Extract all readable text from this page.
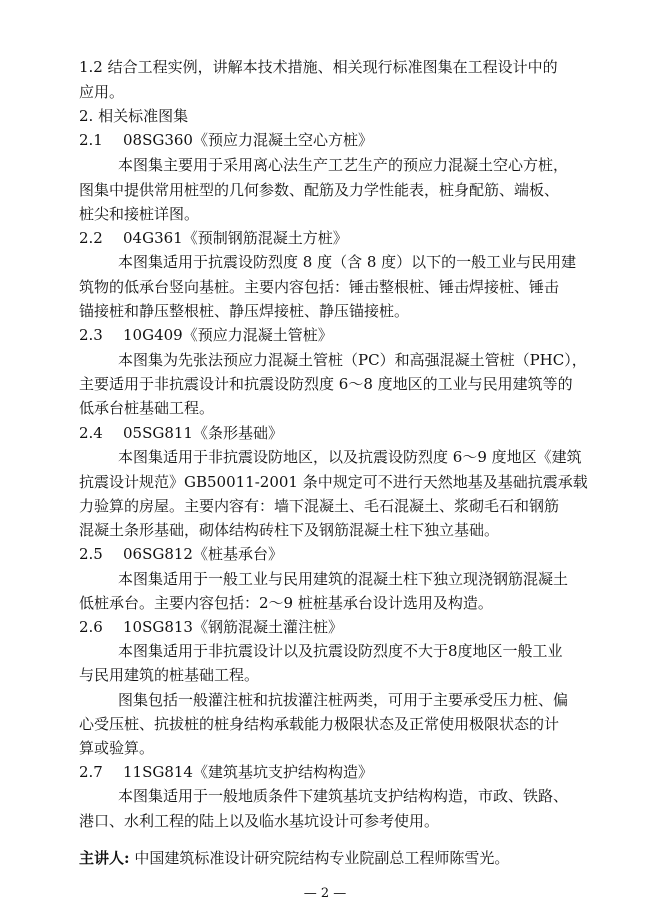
1.2 结合工程实例，讲解本技术措施、相关现行标准图集在工程设计中的
应用。
2. 相关标准图集
2.1 08SG360《预应力混凝土空心方桩》
本图集主要用于采用离心法生产工艺生产的预应力混凝土空心方桩，
图集中提供常用桩型的几何参数、配筋及力学性能表，桩身配筋、端板、
桩尖和接桩详图。
2.2 04G361《预制钢筋混凝土方桩》
本图集适用于抗震设防烈度 8 度（含 8 度）以下的一般工业与民用建
筑物的低承台竖向基桩。主要内容包括：锤击整根桩、锤击焊接桩、锤击
锚接桩和静压整根桩、静压焊接桩、静压锚接桩。
2.3 10G409《预应力混凝土管桩》
本图集为先张法预应力混凝土管桩（PC）和高强混凝土管桩（PHC），
主要适用于非抗震设计和抗震设防烈度 6～8 度地区的工业与民用建筑等的
低承台桩基础工程。
2.4 05SG811《条形基础》
本图集适用于非抗震设防地区，以及抗震设防烈度 6～9 度地区《建筑
抗震设计规范》GB50011-2001 条中规定可不进行天然地基及基础抗震承载
力验算的房屋。主要内容有：墙下混凝土、毛石混凝土、浆砌毛石和钢筋
混凝土条形基础，砌体结构砖柱下及钢筋混凝土柱下独立基础。
2.5 06SG812《桩基承台》
本图集适用于一般工业与民用建筑的混凝土柱下独立现浇钢筋混凝土
低桩承台。主要内容包括：2～9 桩桩基承台设计选用及构造。
2.6 10SG813《钢筋混凝土灌注桩》
本图集适用于非抗震设计以及抗震设防烈度不大于8度地区一般工业
与民用建筑的桩基础工程。
图集包括一般灌注桩和抗拔灌注桩两类，可用于主要承受压力桩、偏
心受压桩、抗拔桩的桩身结构承载能力极限状态及正常使用极限状态的计
算或验算。
2.7 11SG814《建筑基坑支护结构构造》
本图集适用于一般地质条件下建筑基坑支护结构构造，市政、铁路、
港口、水利工程的陆上以及临水基坑设计可参考使用。
主讲人: 中国建筑标准设计研究院结构专业院副总工程师陈雪光。
— 2 —
